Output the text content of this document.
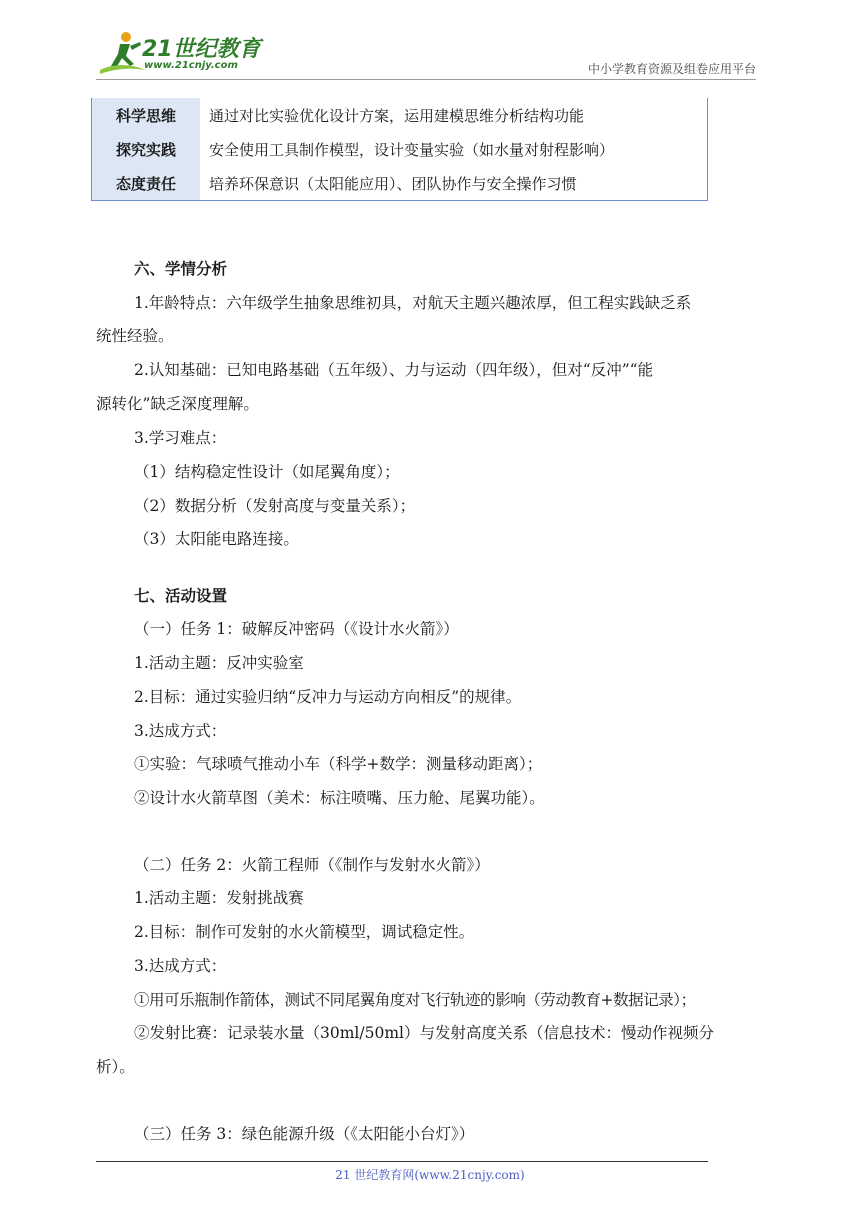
21世纪教育
www.21cnjy.com	中小学教育资源及组卷应用平台
科学思维	通过对比实验优化设计方案，运用建模思维分析结构功能
探究实践	安全使用工具制作模型，设计变量实验（如水量对射程影响）
态度责任	培养环保意识（太阳能应用）、团队协作与安全操作习惯
六、学情分析
1.年龄特点：六年级学生抽象思维初具，对航天主题兴趣浓厚，但工程实践缺乏系
统性经验。
2.认知基础：已知电路基础（五年级）、力与运动（四年级），但对“反冲”“能
源转化”缺乏深度理解。
3.学习难点：
（1）结构稳定性设计（如尾翼角度）；
（2）数据分析（发射高度与变量关系）；
（3）太阳能电路连接。
七、活动设置
（一）任务 1：破解反冲密码（《设计水火箭》）
1.活动主题：反冲实验室
2.目标：通过实验归纳“反冲力与运动方向相反”的规律。
3.达成方式：
①实验：气球喷气推动小车（科学+数学：测量移动距离）；
②设计水火箭草图（美术：标注喷嘴、压力舱、尾翼功能）。
（二）任务 2：火箭工程师（《制作与发射水火箭》）
1.活动主题：发射挑战赛
2.目标：制作可发射的水火箭模型，调试稳定性。
3.达成方式：
①用可乐瓶制作箭体，测试不同尾翼角度对飞行轨迹的影响（劳动教育+数据记录）；
②发射比赛：记录装水量（30ml/50ml）与发射高度关系（信息技术：慢动作视频分
析）。
（三）任务 3：绿色能源升级（《太阳能小台灯》）
21 世纪教育网(www.21cnjy.com)
